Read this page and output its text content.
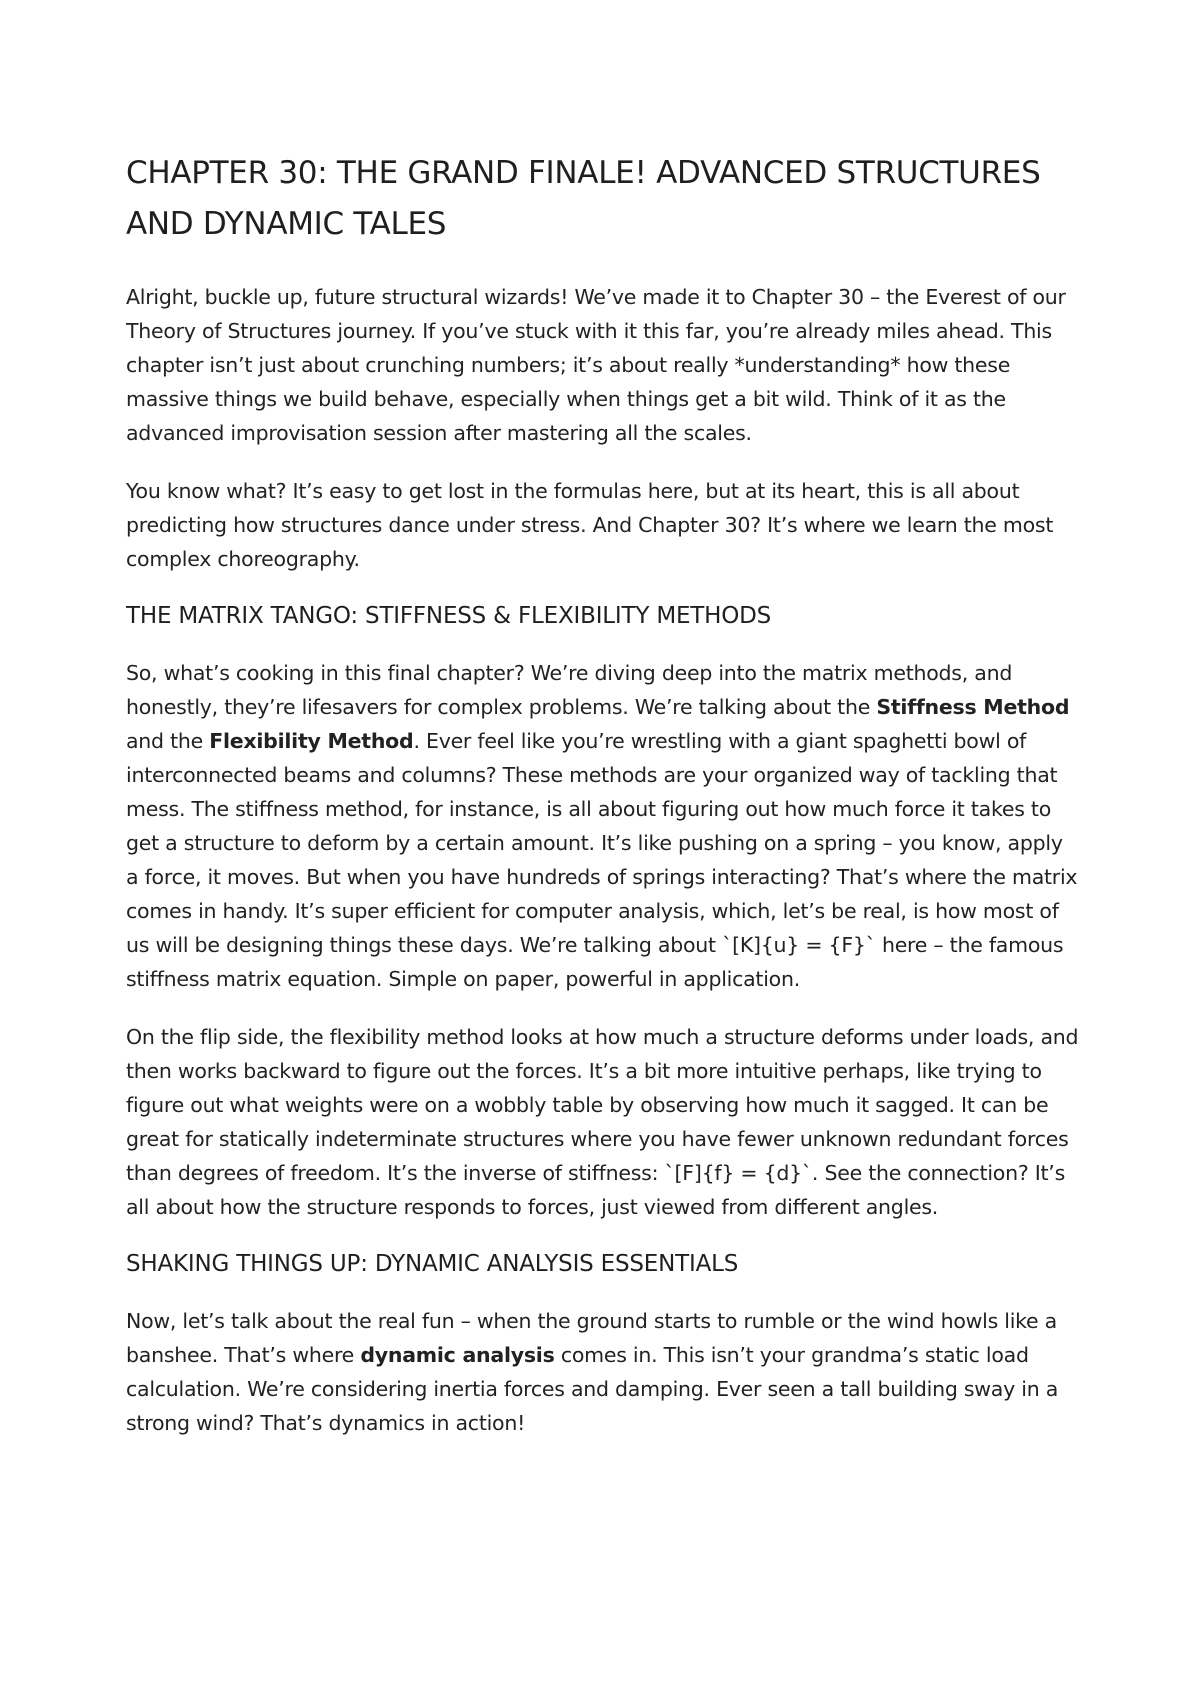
CHAPTER 30: THE GRAND FINALE! ADVANCED STRUCTURES AND DYNAMIC TALES

Alright, buckle up, future structural wizards! We’ve made it to Chapter 30 – the Everest of our Theory of Structures journey. If you’ve stuck with it this far, you’re already miles ahead. This chapter isn’t just about crunching numbers; it’s about really *understanding* how these massive things we build behave, especially when things get a bit wild. Think of it as the advanced improvisation session after mastering all the scales.

You know what? It’s easy to get lost in the formulas here, but at its heart, this is all about predicting how structures dance under stress. And Chapter 30? It’s where we learn the most complex choreography.

THE MATRIX TANGO: STIFFNESS & FLEXIBILITY METHODS

So, what’s cooking in this final chapter? We’re diving deep into the matrix methods, and honestly, they’re lifesavers for complex problems. We’re talking about the Stiffness Method and the Flexibility Method. Ever feel like you’re wrestling with a giant spaghetti bowl of interconnected beams and columns? These methods are your organized way of tackling that mess. The stiffness method, for instance, is all about figuring out how much force it takes to get a structure to deform by a certain amount. It’s like pushing on a spring – you know, apply a force, it moves. But when you have hundreds of springs interacting? That’s where the matrix comes in handy. It’s super efficient for computer analysis, which, let’s be real, is how most of us will be designing things these days. We’re talking about `[K]{u} = {F}` here – the famous stiffness matrix equation. Simple on paper, powerful in application.

On the flip side, the flexibility method looks at how much a structure deforms under loads, and then works backward to figure out the forces. It’s a bit more intuitive perhaps, like trying to figure out what weights were on a wobbly table by observing how much it sagged. It can be great for statically indeterminate structures where you have fewer unknown redundant forces than degrees of freedom. It’s the inverse of stiffness: `[F]{f} = {d}`. See the connection? It’s all about how the structure responds to forces, just viewed from different angles.

SHAKING THINGS UP: DYNAMIC ANALYSIS ESSENTIALS

Now, let’s talk about the real fun – when the ground starts to rumble or the wind howls like a banshee. That’s where dynamic analysis comes in. This isn’t your grandma’s static load calculation. We’re considering inertia forces and damping. Ever seen a tall building sway in a strong wind? That’s dynamics in action!
